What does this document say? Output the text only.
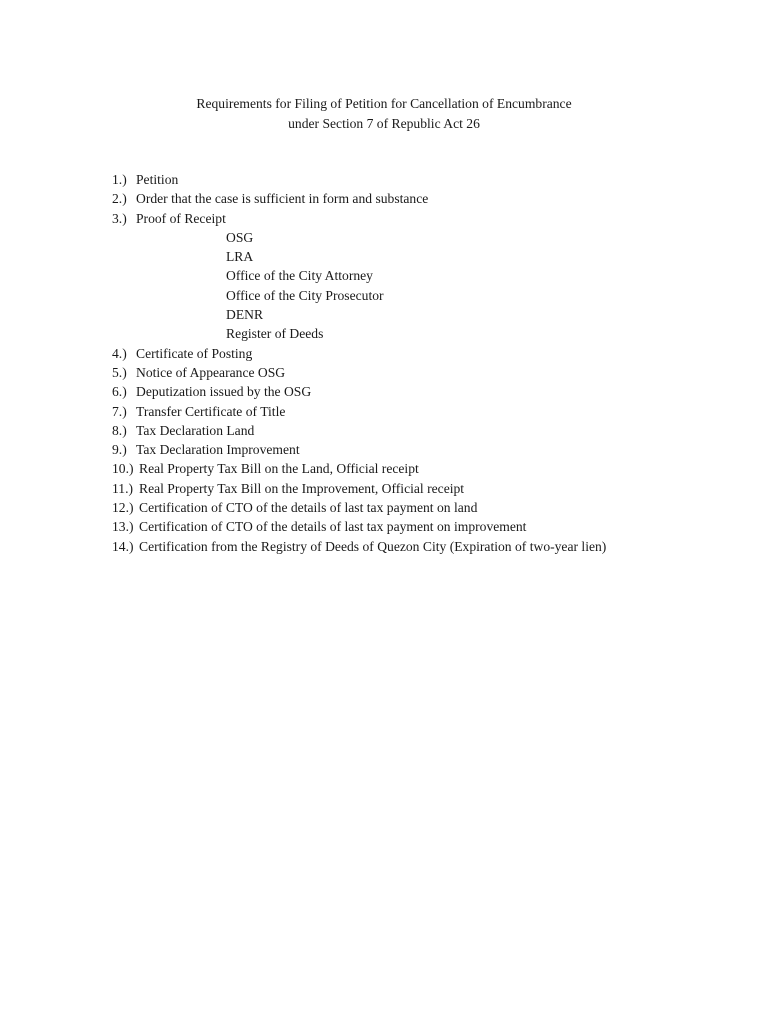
Requirements for Filing of Petition for Cancellation of Encumbrance
under Section 7 of Republic Act 26
1.) Petition
2.) Order that the case is sufficient in form and substance
3.) Proof of Receipt
OSG
LRA
Office of the City Attorney
Office of the City Prosecutor
DENR
Register of Deeds
4.) Certificate of Posting
5.) Notice of Appearance OSG
6.) Deputization issued by the OSG
7.) Transfer Certificate of Title
8.) Tax Declaration Land
9.) Tax Declaration Improvement
10.) Real Property Tax Bill on the Land, Official receipt
11.) Real Property Tax Bill on the Improvement, Official receipt
12.) Certification of CTO of the details of last tax payment on land
13.) Certification of CTO of the details of last tax payment on improvement
14.) Certification from the Registry of Deeds of Quezon City (Expiration of two-year lien)
